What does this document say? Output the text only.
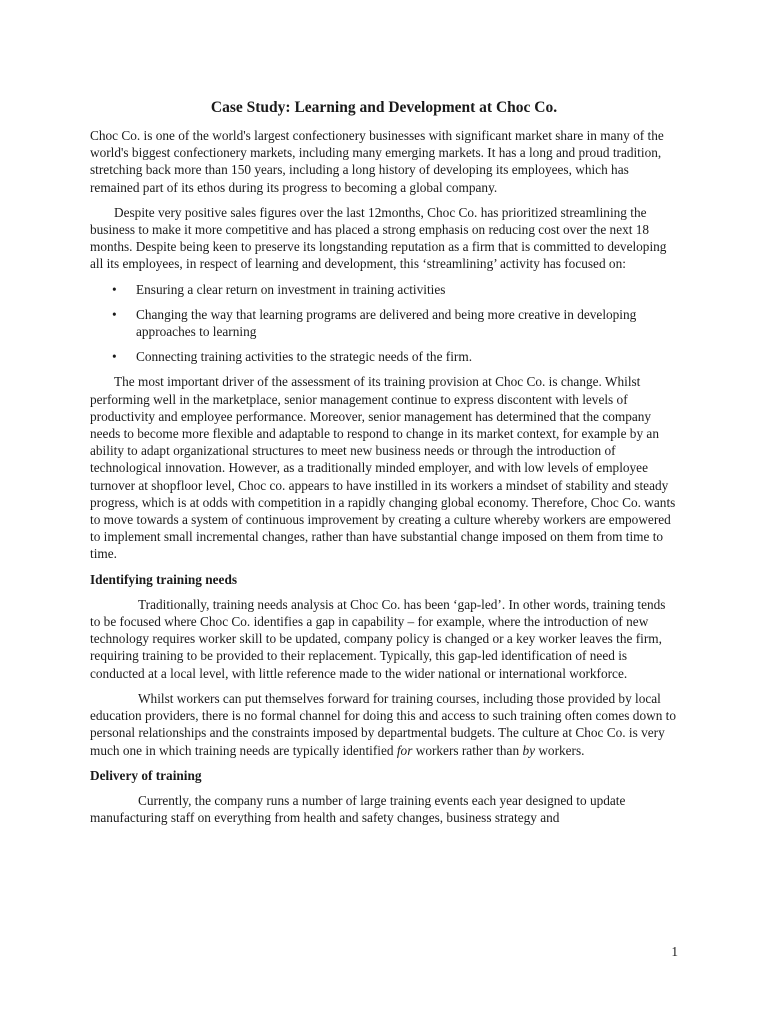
Case Study: Learning and Development at Choc Co.

Choc Co. is one of the world's largest confectionery businesses with significant market share in many of the world's biggest confectionery markets, including many emerging markets. It has a long and proud tradition, stretching back more than 150 years, including a long history of developing its employees, which has remained part of its ethos during its progress to becoming a global company.

Despite very positive sales figures over the last 12months, Choc Co. has prioritized streamlining the business to make it more competitive and has placed a strong emphasis on reducing cost over the next 18 months. Despite being keen to preserve its longstanding reputation as a firm that is committed to developing all its employees, in respect of learning and development, this ‘streamlining’ activity has focused on:

• Ensuring a clear return on investment in training activities
• Changing the way that learning programs are delivered and being more creative in developing approaches to learning
• Connecting training activities to the strategic needs of the firm.

The most important driver of the assessment of its training provision at Choc Co. is change. Whilst performing well in the marketplace, senior management continue to express discontent with levels of productivity and employee performance. Moreover, senior management has determined that the company needs to become more flexible and adaptable to respond to change in its market context, for example by an ability to adapt organizational structures to meet new business needs or through the introduction of technological innovation. However, as a traditionally minded employer, and with low levels of employee turnover at shopfloor level, Choc co. appears to have instilled in its workers a mindset of stability and steady progress, which is at odds with competition in a rapidly changing global economy. Therefore, Choc Co. wants to move towards a system of continuous improvement by creating a culture whereby workers are empowered to implement small incremental changes, rather than have substantial change imposed on them from time to time.

Identifying training needs

Traditionally, training needs analysis at Choc Co. has been ‘gap-led’. In other words, training tends to be focused where Choc Co. identifies a gap in capability – for example, where the introduction of new technology requires worker skill to be updated, company policy is changed or a key worker leaves the firm, requiring training to be provided to their replacement. Typically, this gap-led identification of need is conducted at a local level, with little reference made to the wider national or international workforce.

Whilst workers can put themselves forward for training courses, including those provided by local education providers, there is no formal channel for doing this and access to such training often comes down to personal relationships and the constraints imposed by departmental budgets. The culture at Choc Co. is very much one in which training needs are typically identified for workers rather than by workers.

Delivery of training

Currently, the company runs a number of large training events each year designed to update manufacturing staff on everything from health and safety changes, business strategy and

1
